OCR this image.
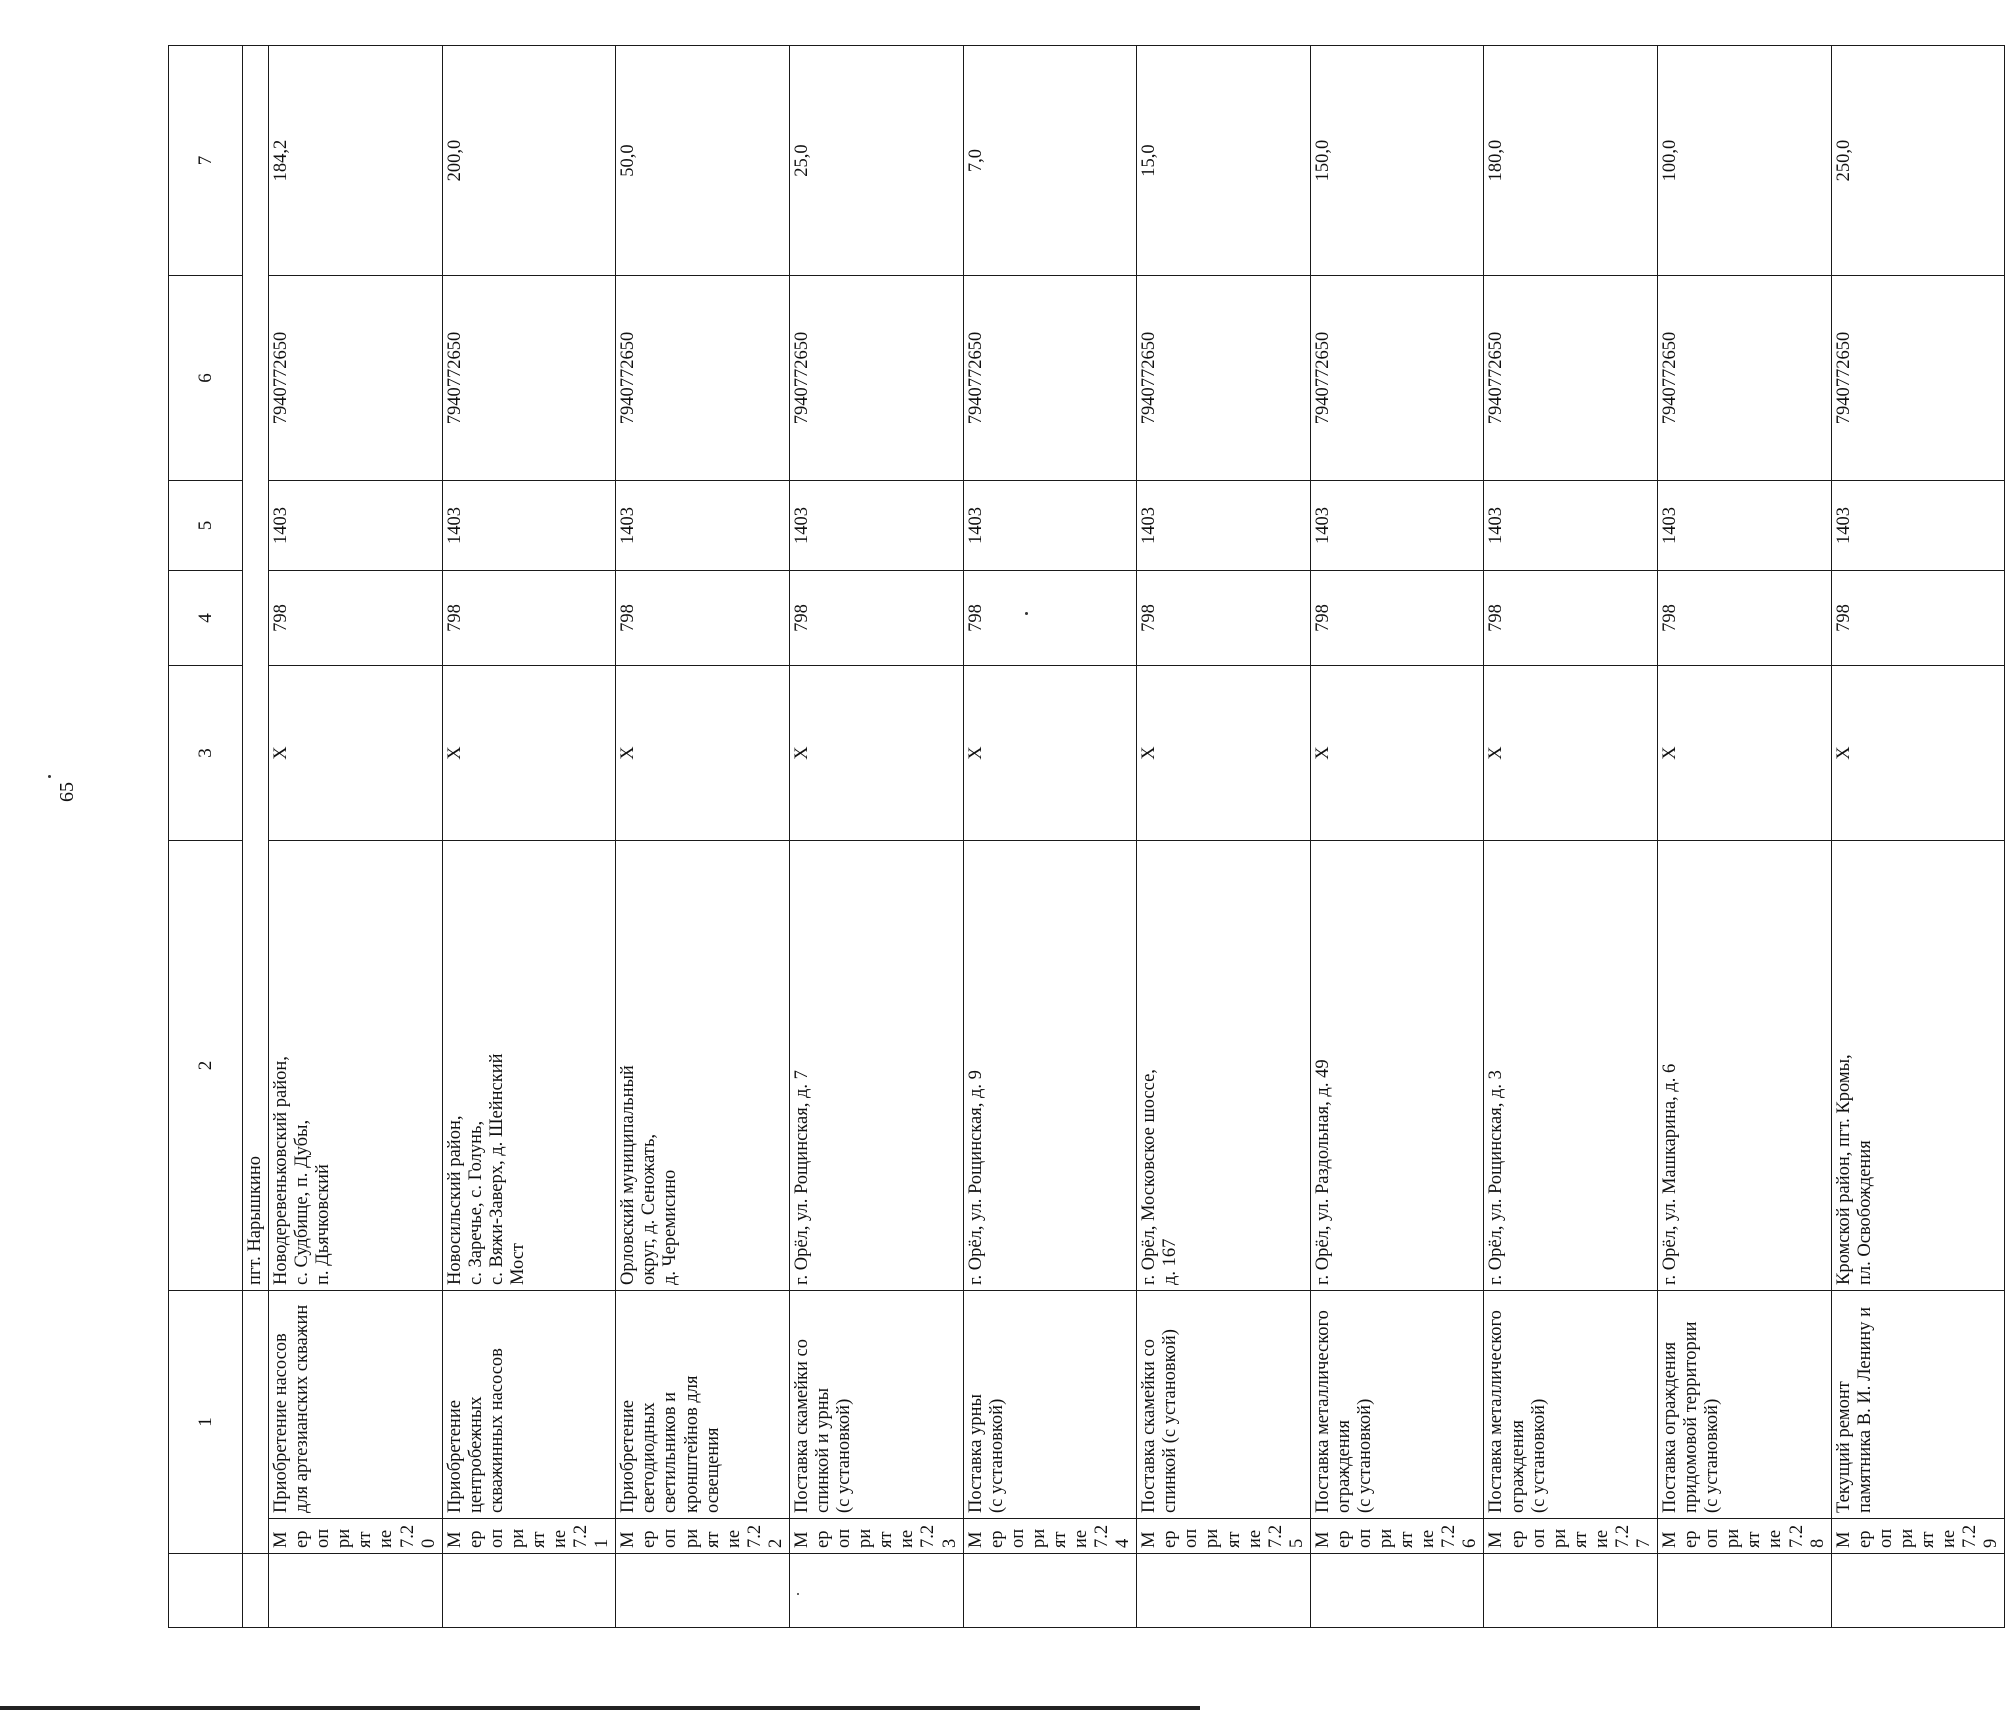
65
	1		2	3	4	5	6	7
			пгт. Нарышкино					
	Мероприятие
7.20	Приобретение насосов
для артезианских скважин	Новодеревеньковский район,
с. Судбище, п. Дубы,
п. Дьячковский	X	798	1403	7940772650	184,2
	Мероприятие
7.21	Приобретение
центробежных
скважинных насосов	Новосильский район,
с. Заречье, с. Голунь,
с. Вяжи-Заверх, д. Шейнский
Мост	X	798	1403	7940772650	200,0
	Мероприятие
7.22	Приобретение
светодиодных
светильников и
кронштейнов для
освещения	Орловский муниципальный
округ, д. Сеножать,
д. Черемисино	X	798	1403	7940772650	50,0
	Мероприятие
7.23	Поставка скамейки со
спинкой и урны
(с установкой)	г. Орёл, ул. Рощинская, д. 7	X	798	1403	7940772650	25,0
	Мероприятие
7.24	Поставка урны
(с установкой)	г. Орёл, ул. Рощинская, д. 9	X	798	1403	7940772650	7,0
	Мероприятие
7.25	Поставка скамейки со
спинкой (с установкой)	г. Орёл, Московское шоссе,
д. 167	X	798	1403	7940772650	15,0
	Мероприятие
7.26	Поставка металлического
ограждения
(с установкой)	г. Орёл, ул. Раздольная, д. 49	X	798	1403	7940772650	150,0
	Мероприятие
7.27	Поставка металлического
ограждения
(с установкой)	г. Орёл, ул. Рощинская, д. 3	X	798	1403	7940772650	180,0
	Мероприятие
7.28	Поставка ограждения
придомовой территории
(с установкой)	г. Орёл, ул. Машкарина, д. 6	X	798	1403	7940772650	100,0
	Мероприятие
7.29	Текущий ремонт
памятника В. И. Ленину и	Кромской район, пгт. Кромы,
пл. Освобождения	X	798	1403	7940772650	250,0
